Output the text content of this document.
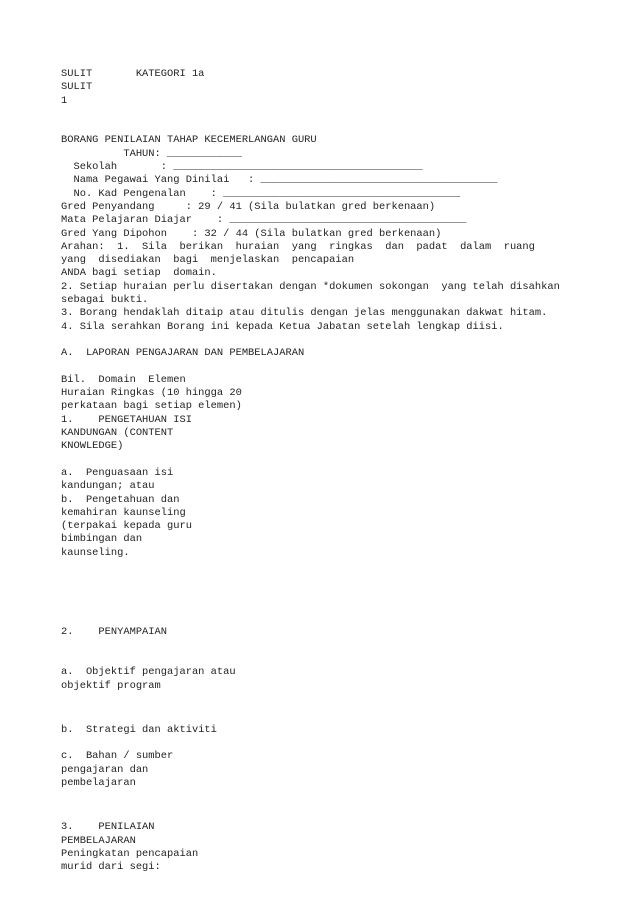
SULIT       KATEGORI 1a
SULIT
1
BORANG PENILAIAN TAHAP KECEMERLANGAN GURU
TAHUN: ____________
Sekolah       : ________________________________________
Nama Pegawai Yang Dinilai   : ______________________________________
No. Kad Pengenalan    : ______________________________________
Gred Penyandang     : 29 / 41 (Sila bulatkan gred berkenaan)
Mata Pelajaran Diajar    : ______________________________________
Gred Yang Dipohon    : 32 / 44 (Sila bulatkan gred berkenaan)
Arahan:  1.  Sila  berikan  huraian  yang  ringkas  dan  padat  dalam  ruang
yang  disediakan  bagi  menjelaskan  pencapaian
ANDA bagi setiap  domain.
2. Setiap huraian perlu disertakan dengan *dokumen sokongan  yang telah disahkan
sebagai bukti.
3. Borang hendaklah ditaip atau ditulis dengan jelas menggunakan dakwat hitam.
4. Sila serahkan Borang ini kepada Ketua Jabatan setelah lengkap diisi.
A.  LAPORAN PENGAJARAN DAN PEMBELAJARAN
Bil.  Domain  Elemen
Huraian Ringkas (10 hingga 20
perkataan bagi setiap elemen)
1.    PENGETAHUAN ISI
KANDUNGAN (CONTENT
KNOWLEDGE)
a.  Penguasaan isi
kandungan; atau
b.  Pengetahuan dan
kemahiran kaunseling
(terpakai kepada guru
bimbingan dan
kaunseling.
2.    PENYAMPAIAN
a.  Objektif pengajaran atau
objektif program
b.  Strategi dan aktiviti
c.  Bahan / sumber
pengajaran dan
pembelajaran
3.    PENILAIAN
PEMBELAJARAN
Peningkatan pencapaian
murid dari segi:
